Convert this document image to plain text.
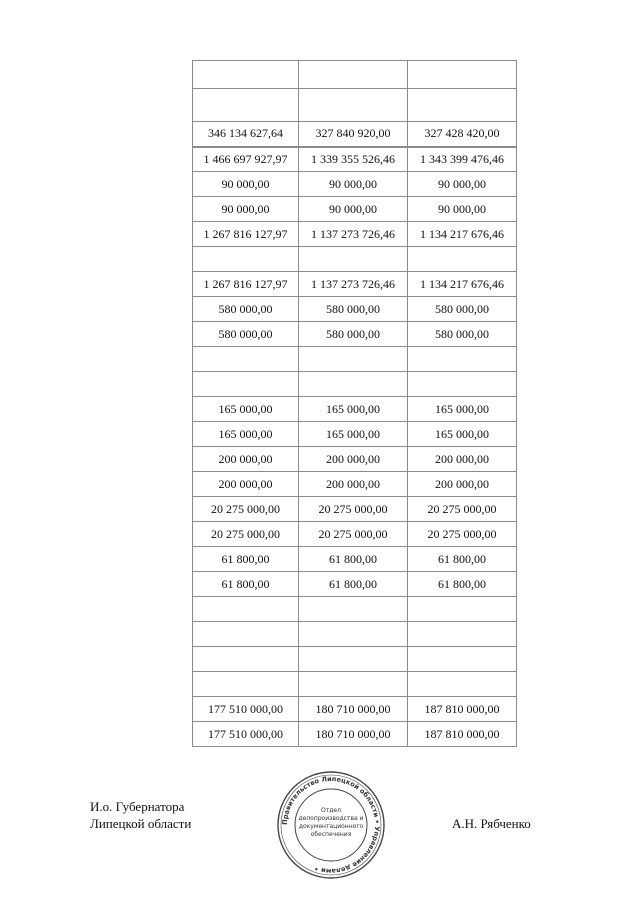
346 134 627,64	327 840 920,00	327 428 420,00
1 466 697 927,97	1 339 355 526,46	1 343 399 476,46
90 000,00	90 000,00	90 000,00
90 000,00	90 000,00	90 000,00
1 267 816 127,97	1 137 273 726,46	1 134 217 676,46

1 267 816 127,97	1 137 273 726,46	1 134 217 676,46
580 000,00	580 000,00	580 000,00
580 000,00	580 000,00	580 000,00

165 000,00	165 000,00	165 000,00
165 000,00	165 000,00	165 000,00
200 000,00	200 000,00	200 000,00
200 000,00	200 000,00	200 000,00
20 275 000,00	20 275 000,00	20 275 000,00
20 275 000,00	20 275 000,00	20 275 000,00
61 800,00	61 800,00	61 800,00
61 800,00	61 800,00	61 800,00

177 510 000,00	180 710 000,00	187 810 000,00
177 510 000,00	180 710 000,00	187 810 000,00
И.о. Губернатора
Липецкой области	А.Н. Рябченко
Правительство Липецкой области • Управление делами •
Отдел делопроизводства и документационного обеспечения
